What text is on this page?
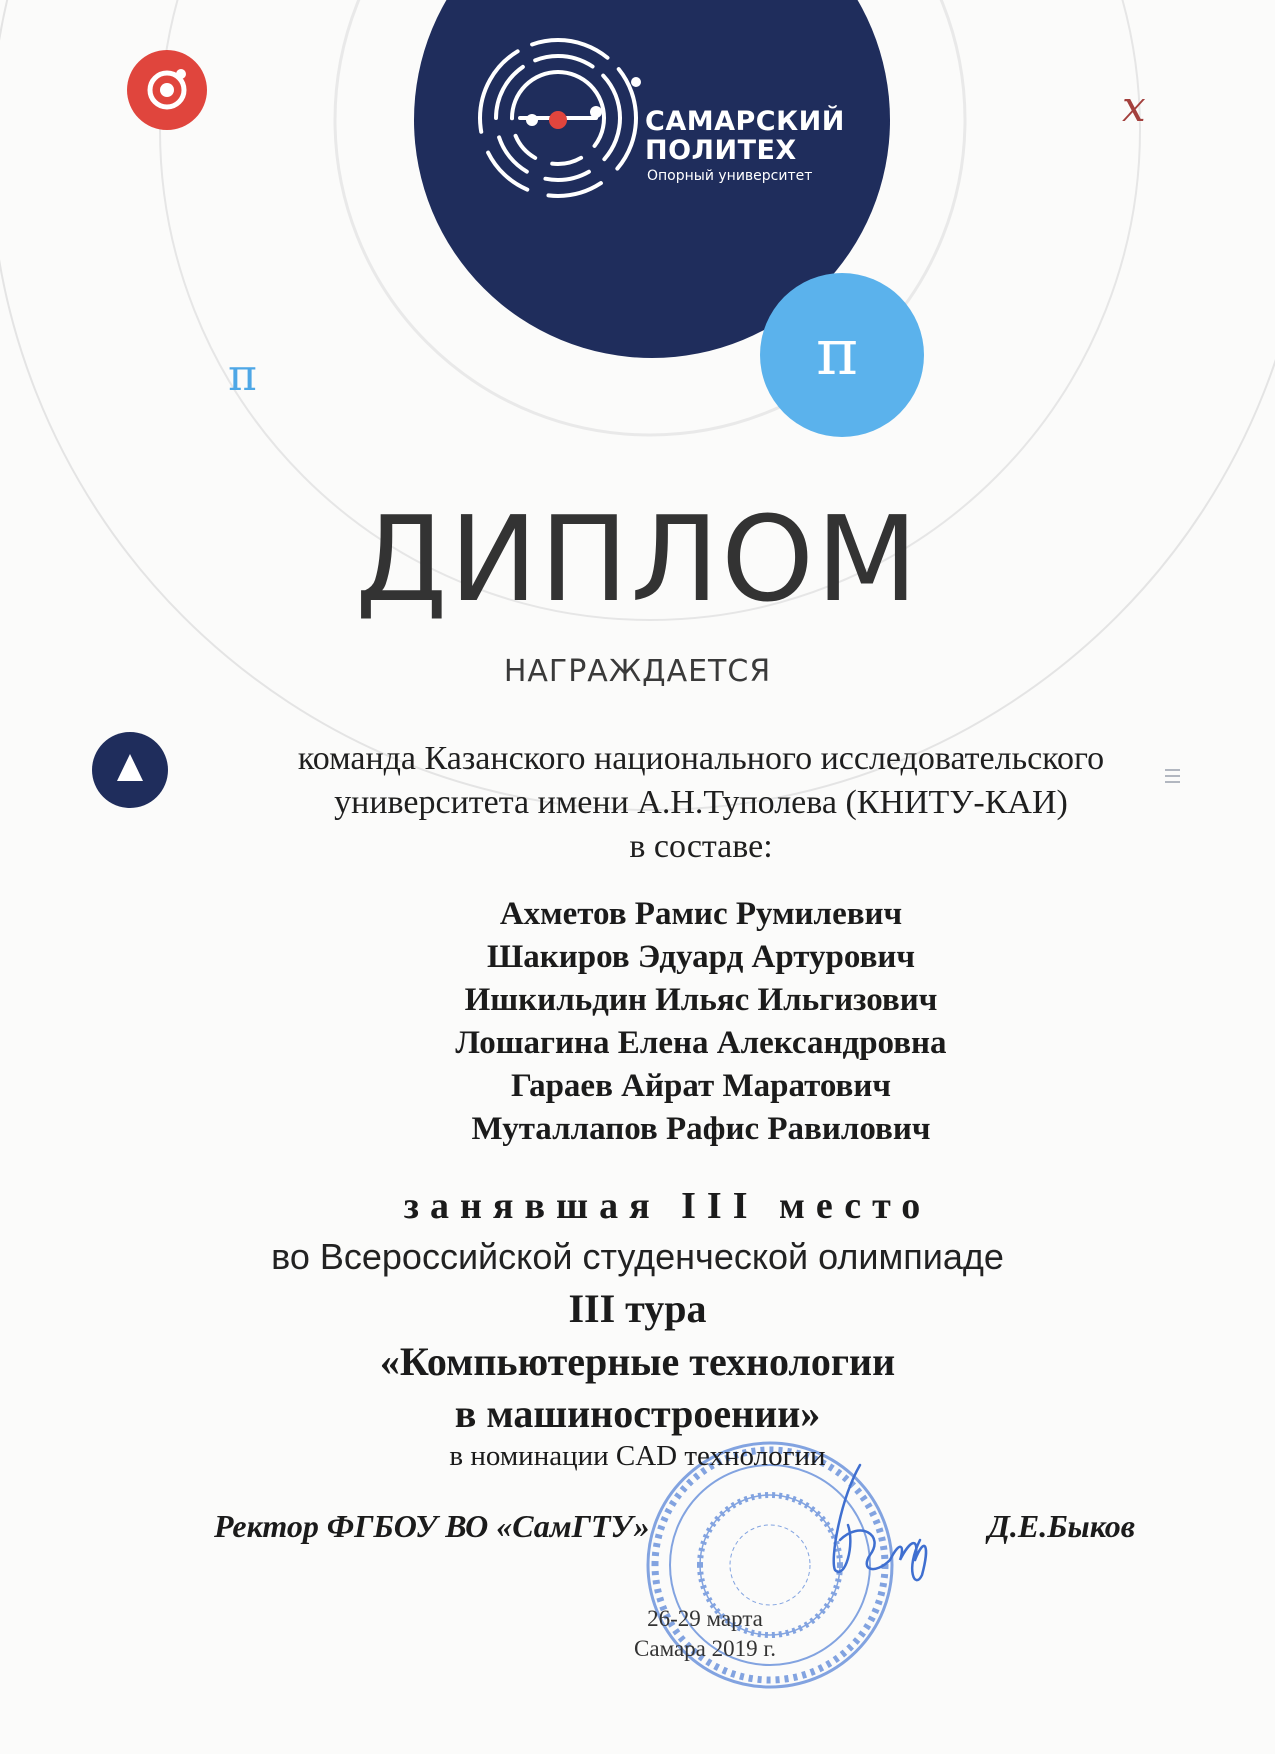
x
π	π
САМАРСКИЙ
ПОЛИТЕХ
Опорный университет
ДИПЛОМ
НАГРАЖДАЕТСЯ
команда Казанского национального исследовательского
университета имени А.Н.Туполева (КНИТУ-КАИ)
в составе:
Ахметов Рамис Румилевич
Шакиров Эдуард Артурович
Ишкильдин Ильяс Ильгизович
Лошагина Елена Александровна
Гараев Айрат Маратович
Муталлапов Рафис Равилович
занявшая III место
во Всероссийской студенческой олимпиаде
III тура
«Компьютерные технологии
в машиностроении»
в номинации CAD технологии
Ректор ФГБОУ ВО «СамГТУ»	Д.Е.Быков
26-29 марта
Самара 2019 г.
